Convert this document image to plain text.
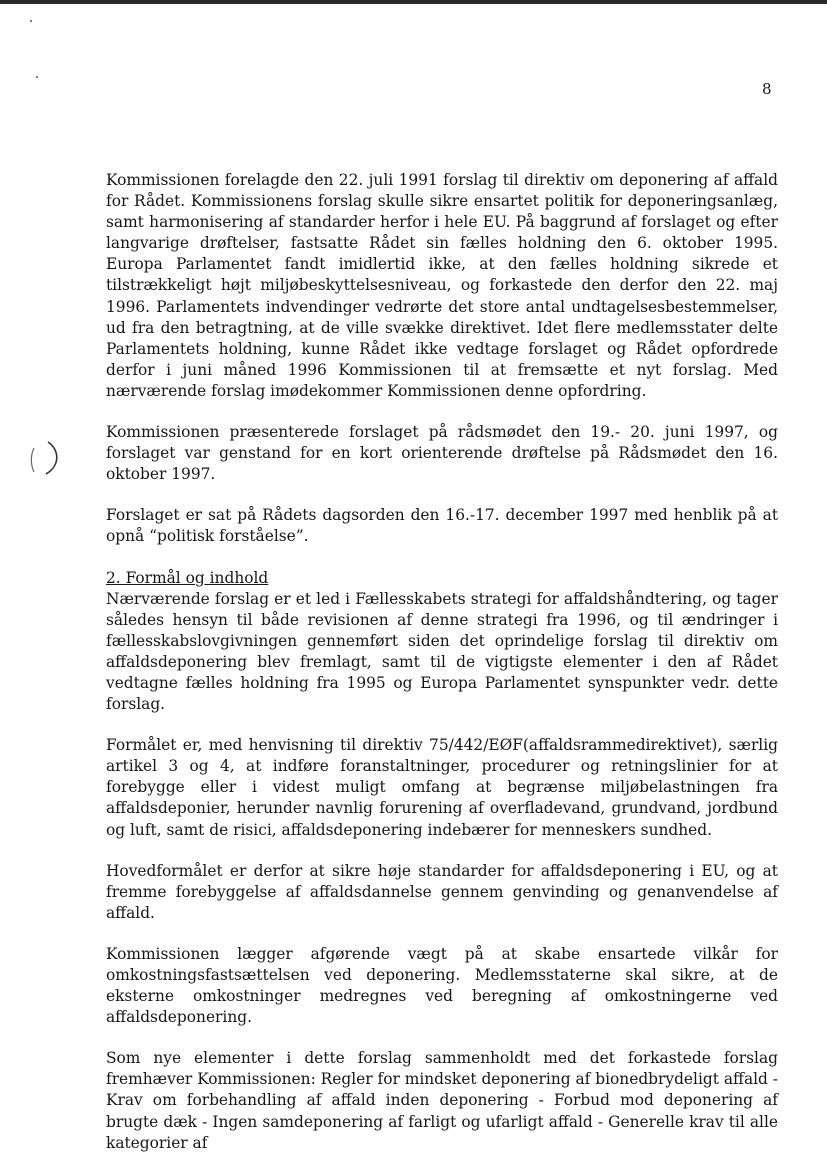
8

Kommissionen forelagde den 22. juli 1991 forslag til direktiv om deponering af affald for Rådet. Kommissionens forslag skulle sikre ensartet politik for deponeringsanlæg, samt harmonisering af standarder herfor i hele EU. På baggrund af forslaget og efter langvarige drøftelser, fastsatte Rådet sin fælles holdning den 6. oktober 1995. Europa Parlamentet fandt imidlertid ikke, at den fælles holdning sikrede et tilstrækkeligt højt miljøbeskyttelsesniveau, og forkastede den derfor den 22. maj 1996. Parlamentets indvendinger vedrørte det store antal undtagelsesbestemmelser, ud fra den betragtning, at de ville svække direktivet. Idet flere medlemsstater delte Parlamentets holdning, kunne Rådet ikke vedtage forslaget og Rådet opfordrede derfor i juni måned 1996 Kommissionen til at fremsætte et nyt forslag. Med nærværende forslag imødekommer Kommissionen denne opfordring.

Kommissionen præsenterede forslaget på rådsmødet den 19.- 20. juni 1997, og forslaget var genstand for en kort orienterende drøftelse på Rådsmødet den 16. oktober 1997.

Forslaget er sat på Rådets dagsorden den 16.-17. december 1997 med henblik på at opnå “politisk forståelse”.

2. Formål og indhold
Nærværende forslag er et led i Fællesskabets strategi for affaldshåndtering, og tager således hensyn til både revisionen af denne strategi fra 1996, og til ændringer i fællesskabslovgivningen gennemført siden det oprindelige forslag til direktiv om affaldsdeponering blev fremlagt, samt til de vigtigste elementer i den af Rådet vedtagne fælles holdning fra 1995 og Europa Parlamentet synspunkter vedr. dette forslag.

Formålet er, med henvisning til direktiv 75/442/EØF(affaldsrammedirektivet), særlig artikel 3 og 4, at indføre foranstaltninger, procedurer og retningslinier for at forebygge eller i videst muligt omfang at begrænse miljøbelastningen fra affaldsdeponier, herunder navnlig forurening af overfladevand, grundvand, jordbund og luft, samt de risici, affaldsdeponering indebærer for menneskers sundhed.

Hovedformålet er derfor at sikre høje standarder for affaldsdeponering i EU, og at fremme forebyggelse af affaldsdannelse gennem genvinding og genanvendelse af affald.

Kommissionen lægger afgørende vægt på at skabe ensartede vilkår for omkostningsfastsættelsen ved deponering. Medlemsstaterne skal sikre, at de eksterne omkostninger medregnes ved beregning af omkostningerne ved affaldsdeponering.

Som nye elementer i dette forslag sammenholdt med det forkastede forslag fremhæver Kommissionen: Regler for mindsket deponering af bionedbrydeligt affald - Krav om forbehandling af affald inden deponering - Forbud mod deponering af brugte dæk - Ingen samdeponering af farligt og ufarligt affald - Generelle krav til alle kategorier af
